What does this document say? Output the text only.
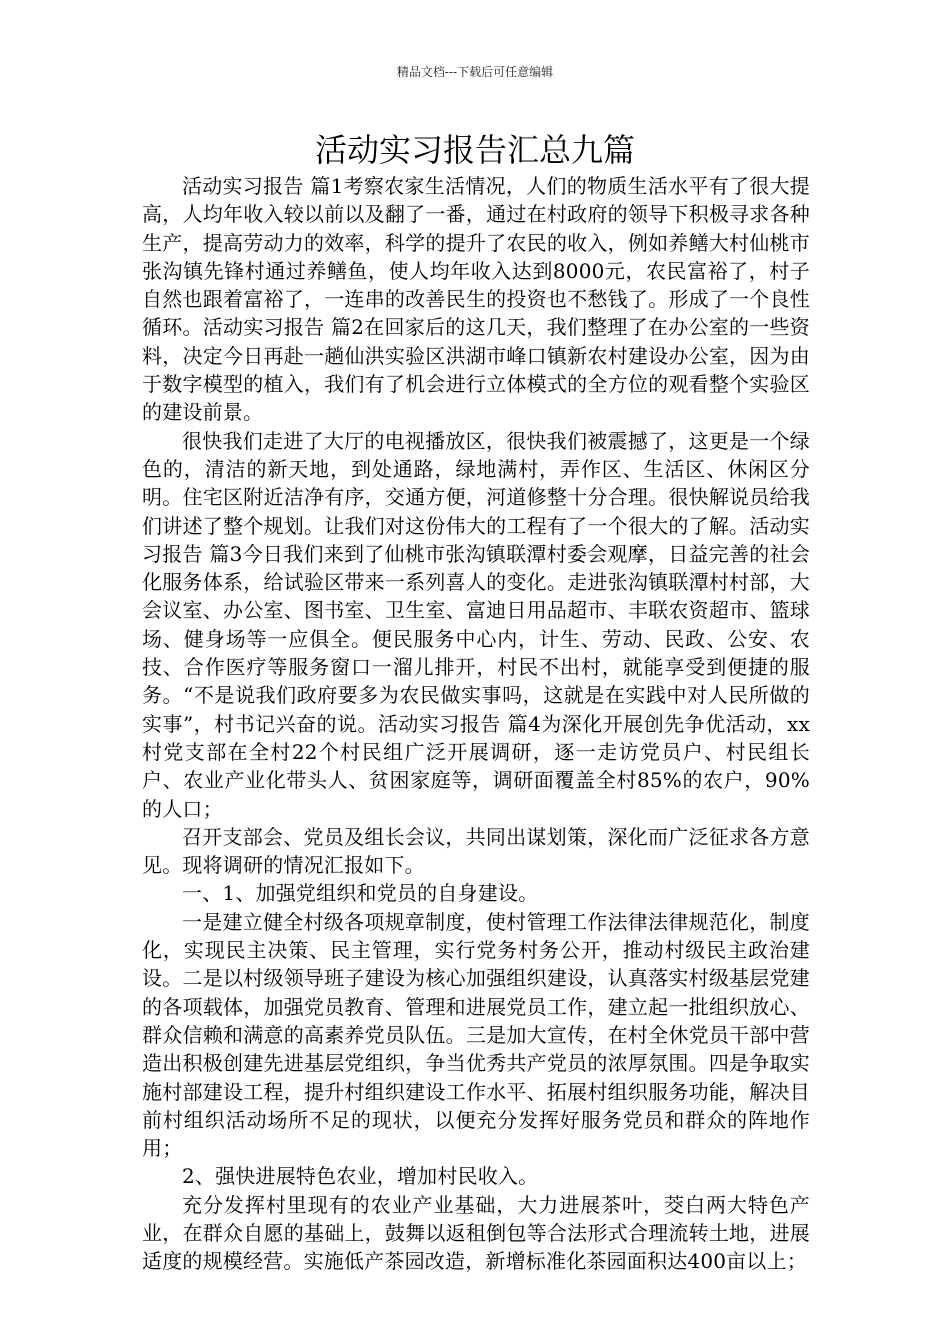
精品文档---下载后可任意编辑
活动实习报告汇总九篇

活动实习报告 篇1考察农家生活情况，人们的物质生活水平有了很大提高，人均年收入较以前以及翻了一番，通过在村政府的领导下积极寻求各种生产，提高劳动力的效率，科学的提升了农民的收入，例如养鳝大村仙桃市张沟镇先锋村通过养鳝鱼，使人均年收入达到8000元，农民富裕了，村子自然也跟着富裕了，一连串的改善民生的投资也不愁钱了。形成了一个良性循环。活动实习报告 篇2在回家后的这几天，我们整理了在办公室的一些资料，决定今日再赴一趟仙洪实验区洪湖市峰口镇新农村建设办公室，因为由于数字模型的植入，我们有了机会进行立体模式的全方位的观看整个实验区的建设前景。

很快我们走进了大厅的电视播放区，很快我们被震撼了，这更是一个绿色的，清洁的新天地，到处通路，绿地满村，弄作区、生活区、休闲区分明。住宅区附近洁净有序，交通方便，河道修整十分合理。很快解说员给我们讲述了整个规划。让我们对这份伟大的工程有了一个很大的了解。活动实习报告 篇3今日我们来到了仙桃市张沟镇联潭村委会观摩，日益完善的社会化服务体系，给试验区带来一系列喜人的变化。走进张沟镇联潭村村部，大会议室、办公室、图书室、卫生室、富迪日用品超市、丰联农资超市、篮球场、健身场等一应俱全。便民服务中心内，计生、劳动、民政、公安、农技、合作医疗等服务窗口一溜儿排开，村民不出村，就能享受到便捷的服务。“不是说我们政府要多为农民做实事吗，这就是在实践中对人民所做的实事”，村书记兴奋的说。活动实习报告 篇4为深化开展创先争优活动，xx村党支部在全村22个村民组广泛开展调研，逐一走访党员户、村民组长户、农业产业化带头人、贫困家庭等，调研面覆盖全村85%的农户，90%的人口；

召开支部会、党员及组长会议，共同出谋划策，深化而广泛征求各方意见。现将调研的情况汇报如下。

一、1、加强党组织和党员的自身建设。

一是建立健全村级各项规章制度，使村管理工作法律法律规范化，制度化，实现民主决策、民主管理，实行党务村务公开，推动村级民主政治建设。二是以村级领导班子建设为核心加强组织建设，认真落实村级基层党建的各项载体，加强党员教育、管理和进展党员工作，建立起一批组织放心、群众信赖和满意的高素养党员队伍。三是加大宣传，在村全休党员干部中营造出积极创建先进基层党组织，争当优秀共产党员的浓厚氛围。四是争取实施村部建设工程，提升村组织建设工作水平、拓展村组织服务功能，解决目前村组织活动场所不足的现状，以便充分发挥好服务党员和群众的阵地作用；

2、强快进展特色农业，增加村民收入。

充分发挥村里现有的农业产业基础，大力进展茶叶，茭白两大特色产业，在群众自愿的基础上，鼓舞以返租倒包等合法形式合理流转土地，进展适度的规模经营。实施低产茶园改造，新增标准化茶园面积达400亩以上；
